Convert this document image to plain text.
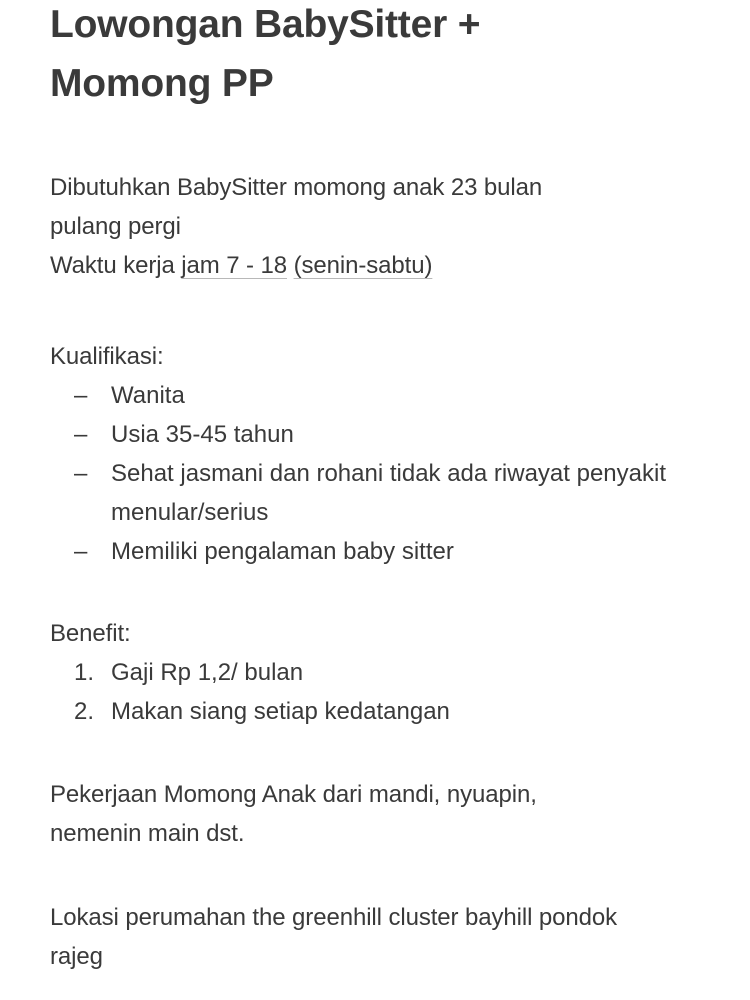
Lowongan BabySitter +
Momong PP

Dibutuhkan BabySitter momong anak 23 bulan

pulang pergi

Waktu kerja jam 7 - 18 (senin-sabtu)

Kualifikasi:

– Wanita
– Usia 35-45 tahun
– Sehat jasmani dan rohani tidak ada riwayat penyakit menular/serius
– Memiliki pengalaman baby sitter

Benefit:

1. Gaji Rp 1,2/ bulan
2. Makan siang setiap kedatangan

Pekerjaan Momong Anak dari mandi, nyuapin,

nemenin main dst.

Lokasi perumahan the greenhill cluster bayhill pondok

rajeg
